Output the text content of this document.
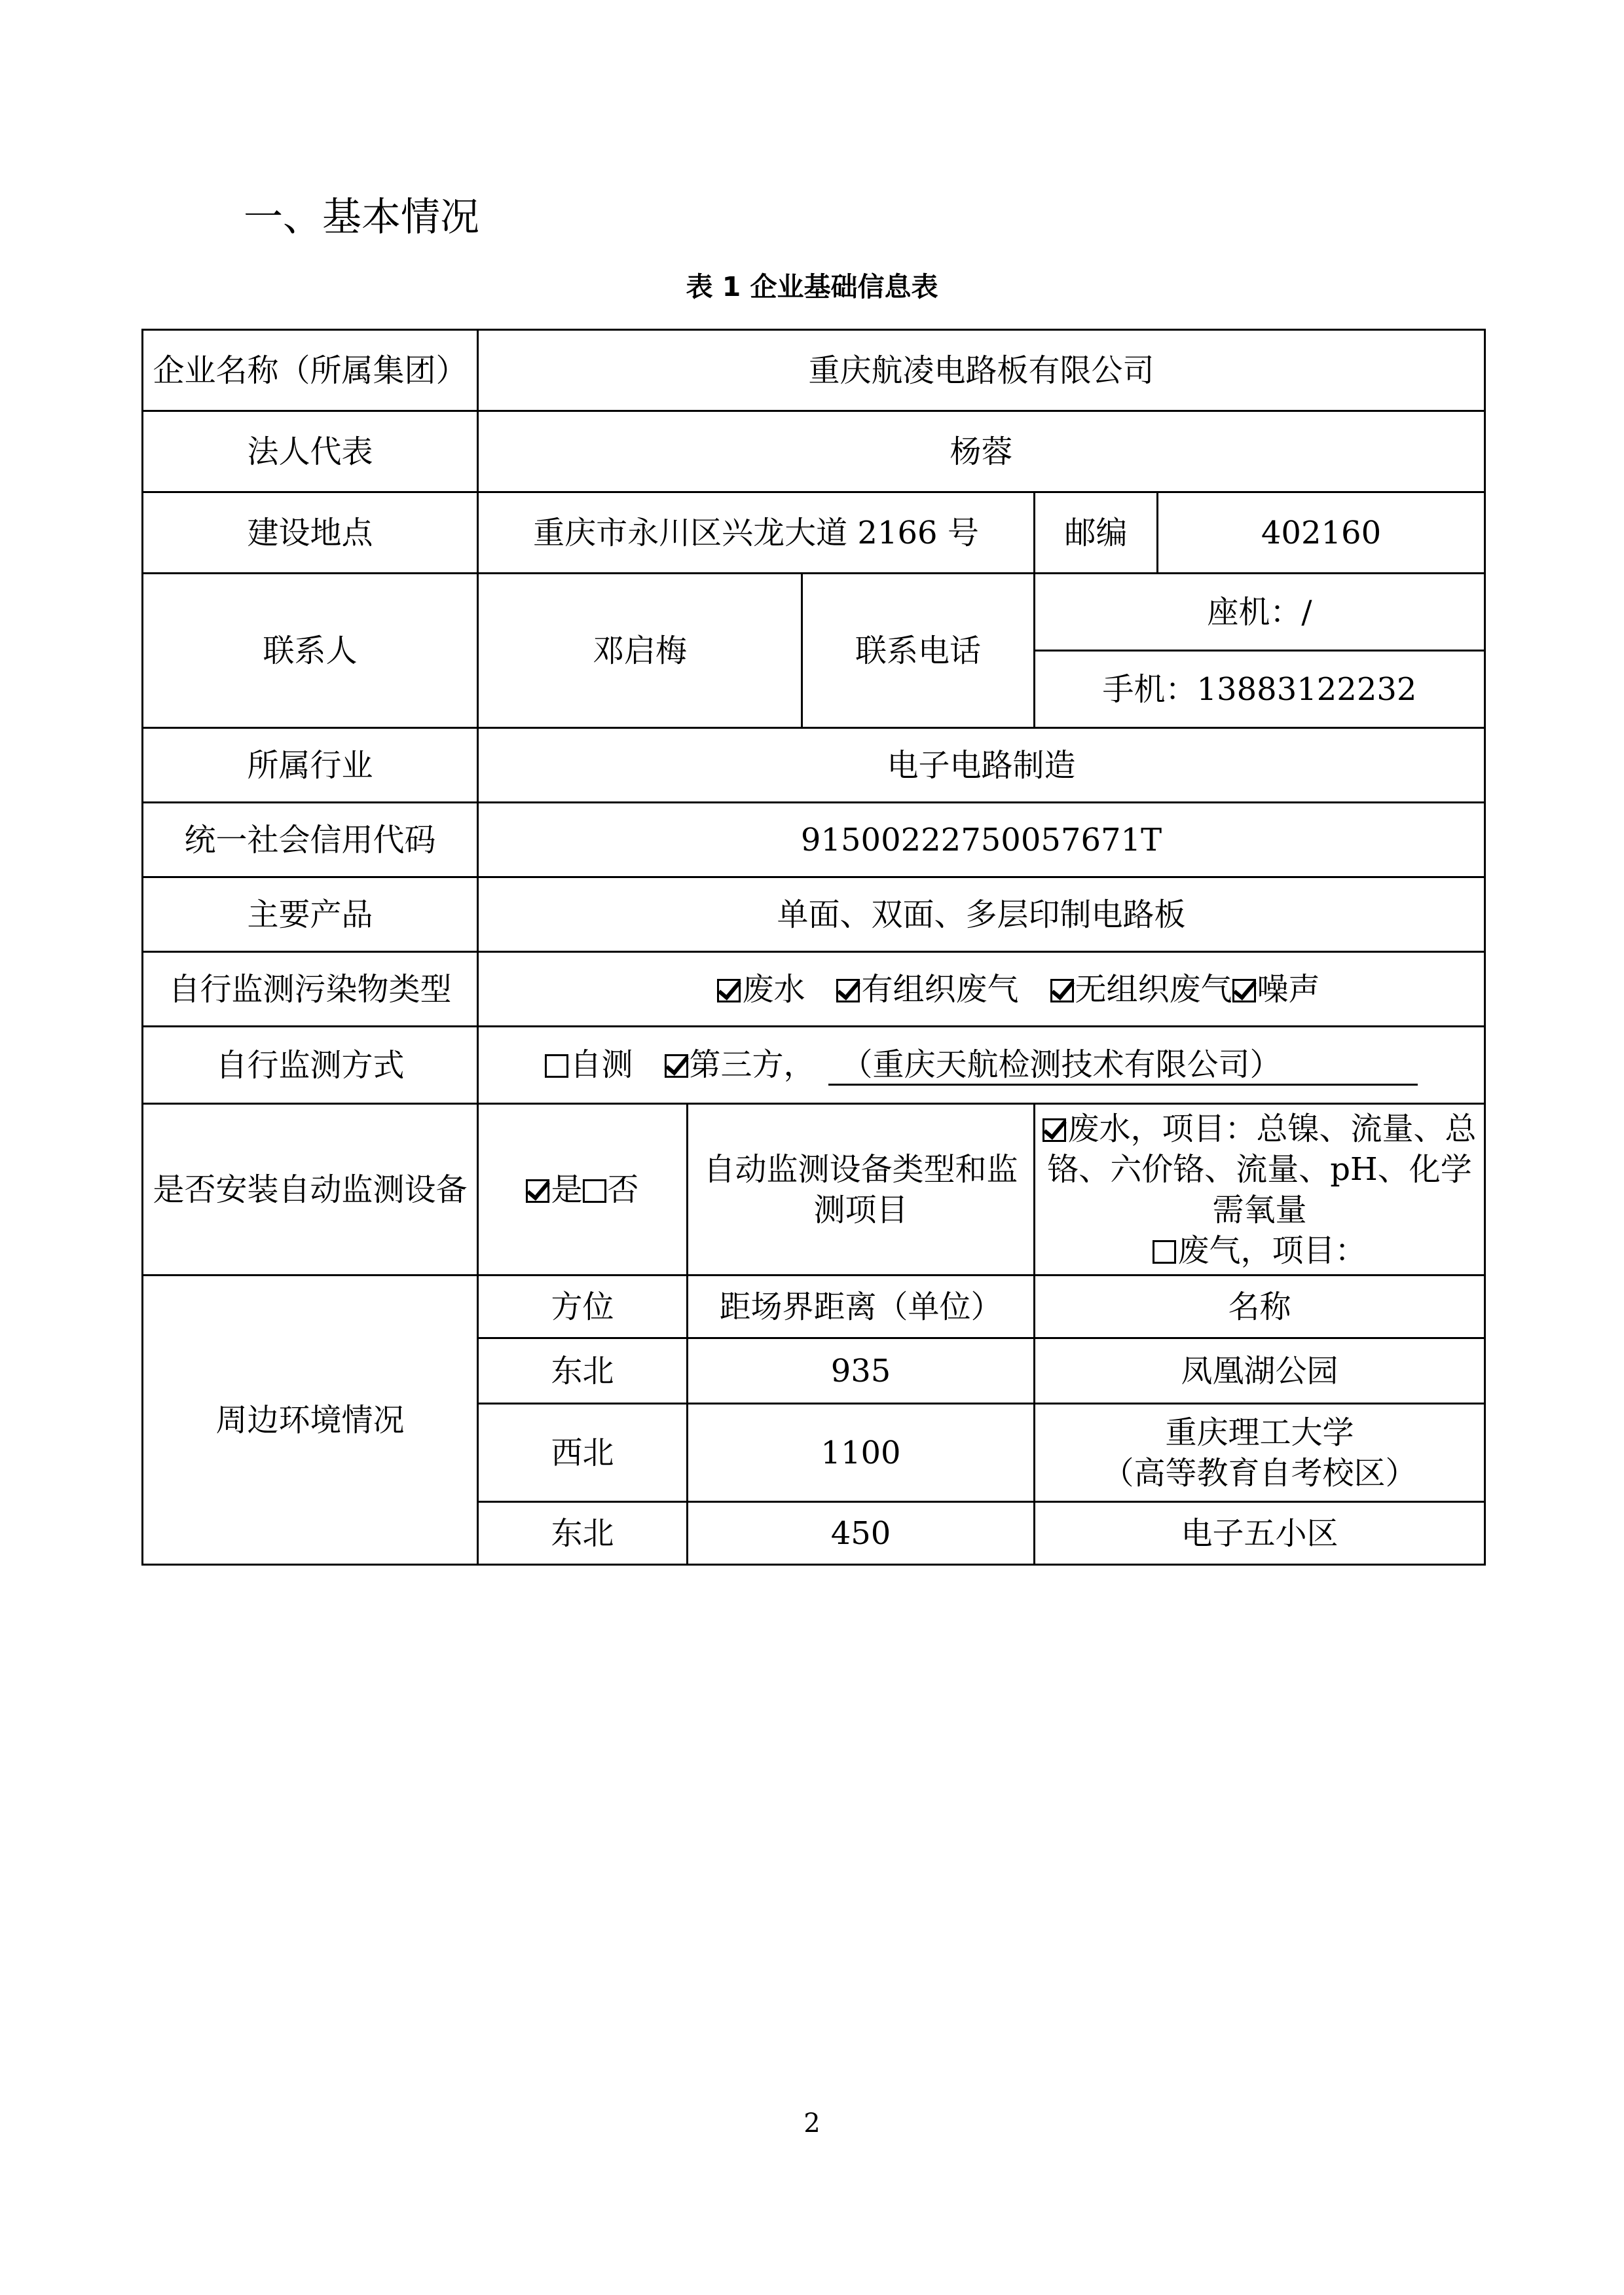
一、基本情况
表 1 企业基础信息表
企业名称（所属集团）	重庆航凌电路板有限公司				
法人代表	杨蓉				
建设地点	重庆市永川区兴龙大道 2166 号			邮编	402160
联系人	邓启梅		联系电话	座机：/	
				手机：13883122232	
所属行业	电子电路制造				
统一社会信用代码	91500222750057671T				
主要产品	单面、双面、多层印制电路板				
自行监测污染物类型	废水 有组织废气 无组织废气 噪声				
自行监测方式	自测 第三方， （重庆天航检测技术有限公司）				
是否安装自动监测设备	是 否	自动监测设备类型和监测项目		废水，项目：总镍、流量、总铬、六价铬、流量、pH、化学需氧量
废气，项目：	

周边环境情况	方位	距场界距离（单位）		名称	
	东北	935		凤凰湖公园	

	西北	1100		重庆理工大学
（高等教育自考校区）	

	东北	450		电子五小区	
2
